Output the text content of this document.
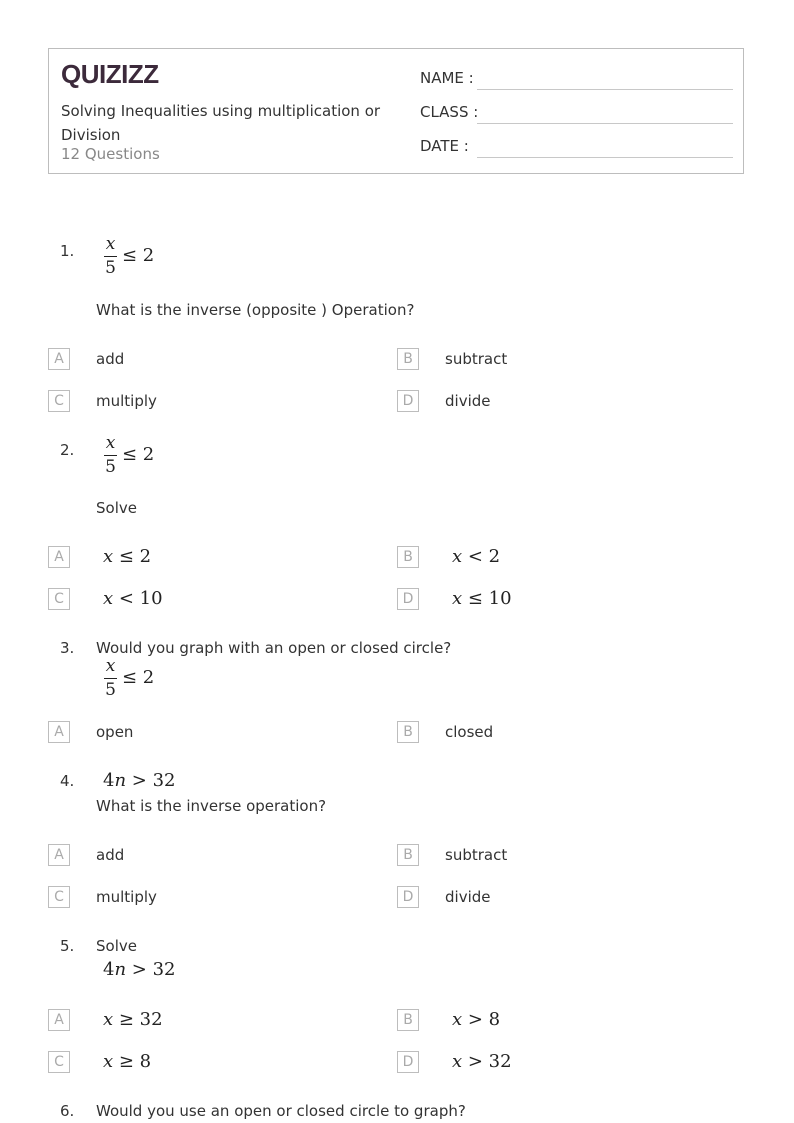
QUIZIZZ
Solving Inequalities using multiplication or Division
12 Questions
NAME :
CLASS :
DATE :
1. x
5
≤ 2
What is the inverse (opposite ) Operation?
A	add	B	subtract
C	multiply	D	divide
2. x
5
≤ 2
Solve
A	x ≤ 2	B	x < 2
C	x < 10	D	x ≤ 10
3. Would you graph with an open or closed circle?
x
5
≤ 2
A	open	B	closed
4. 4n > 32
What is the inverse operation?
A	add	B	subtract
C	multiply	D	divide
5. Solve
4n > 32
A	x ≥ 32	B	x > 8
C	x ≥ 8	D	x > 32
6. Would you use an open or closed circle to graph?
